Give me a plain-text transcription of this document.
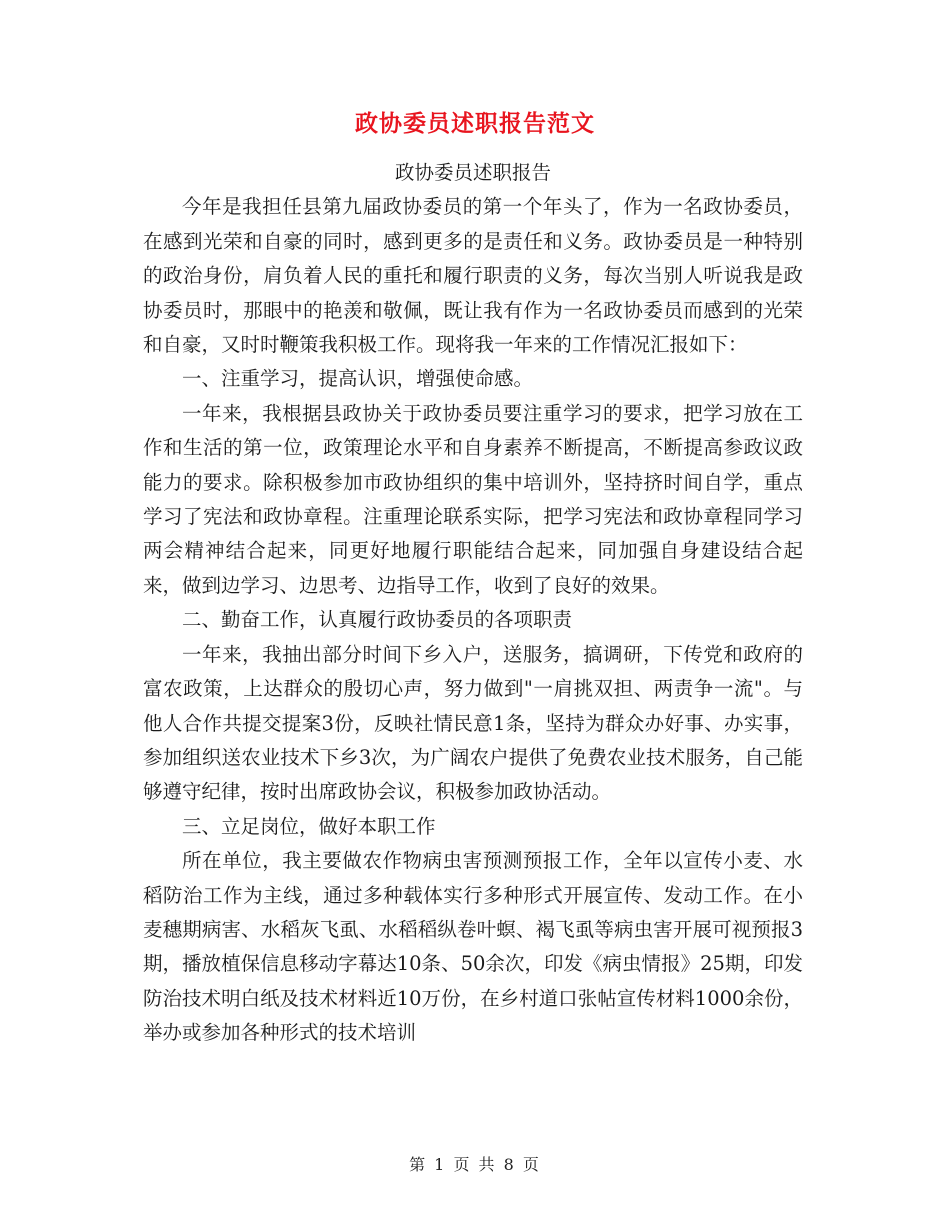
政协委员述职报告范文

政协委员述职报告

今年是我担任县第九届政协委员的第一个年头了，作为一名政协委员，在感到光荣和自豪的同时，感到更多的是责任和义务。政协委员是一种特别的政治身份，肩负着人民的重托和履行职责的义务，每次当别人听说我是政协委员时，那眼中的艳羡和敬佩，既让我有作为一名政协委员而感到的光荣和自豪，又时时鞭策我积极工作。现将我一年来的工作情况汇报如下：

一、注重学习，提高认识，增强使命感。

一年来，我根据县政协关于政协委员要注重学习的要求，把学习放在工作和生活的第一位，政策理论水平和自身素养不断提高，不断提高参政议政能力的要求。除积极参加市政协组织的集中培训外，坚持挤时间自学，重点学习了宪法和政协章程。注重理论联系实际，把学习宪法和政协章程同学习两会精神结合起来，同更好地履行职能结合起来，同加强自身建设结合起来，做到边学习、边思考、边指导工作，收到了良好的效果。

二、勤奋工作，认真履行政协委员的各项职责

一年来，我抽出部分时间下乡入户，送服务，搞调研，下传党和政府的富农政策，上达群众的殷切心声，努力做到"一肩挑双担、两责争一流"。与他人合作共提交提案3份，反映社情民意1条，坚持为群众办好事、办实事，参加组织送农业技术下乡3次，为广阔农户提供了免费农业技术服务，自己能够遵守纪律，按时出席政协会议，积极参加政协活动。

三、立足岗位，做好本职工作

所在单位，我主要做农作物病虫害预测预报工作，全年以宣传小麦、水稻防治工作为主线，通过多种载体实行多种形式开展宣传、发动工作。在小麦穗期病害、水稻灰飞虱、水稻稻纵卷叶螟、褐飞虱等病虫害开展可视预报3期，播放植保信息移动字幕达10条、50余次，印发《病虫情报》25期，印发防治技术明白纸及技术材料近10万份，在乡村道口张帖宣传材料1000余份，举办或参加各种形式的技术培训

第 1 页 共 8 页
